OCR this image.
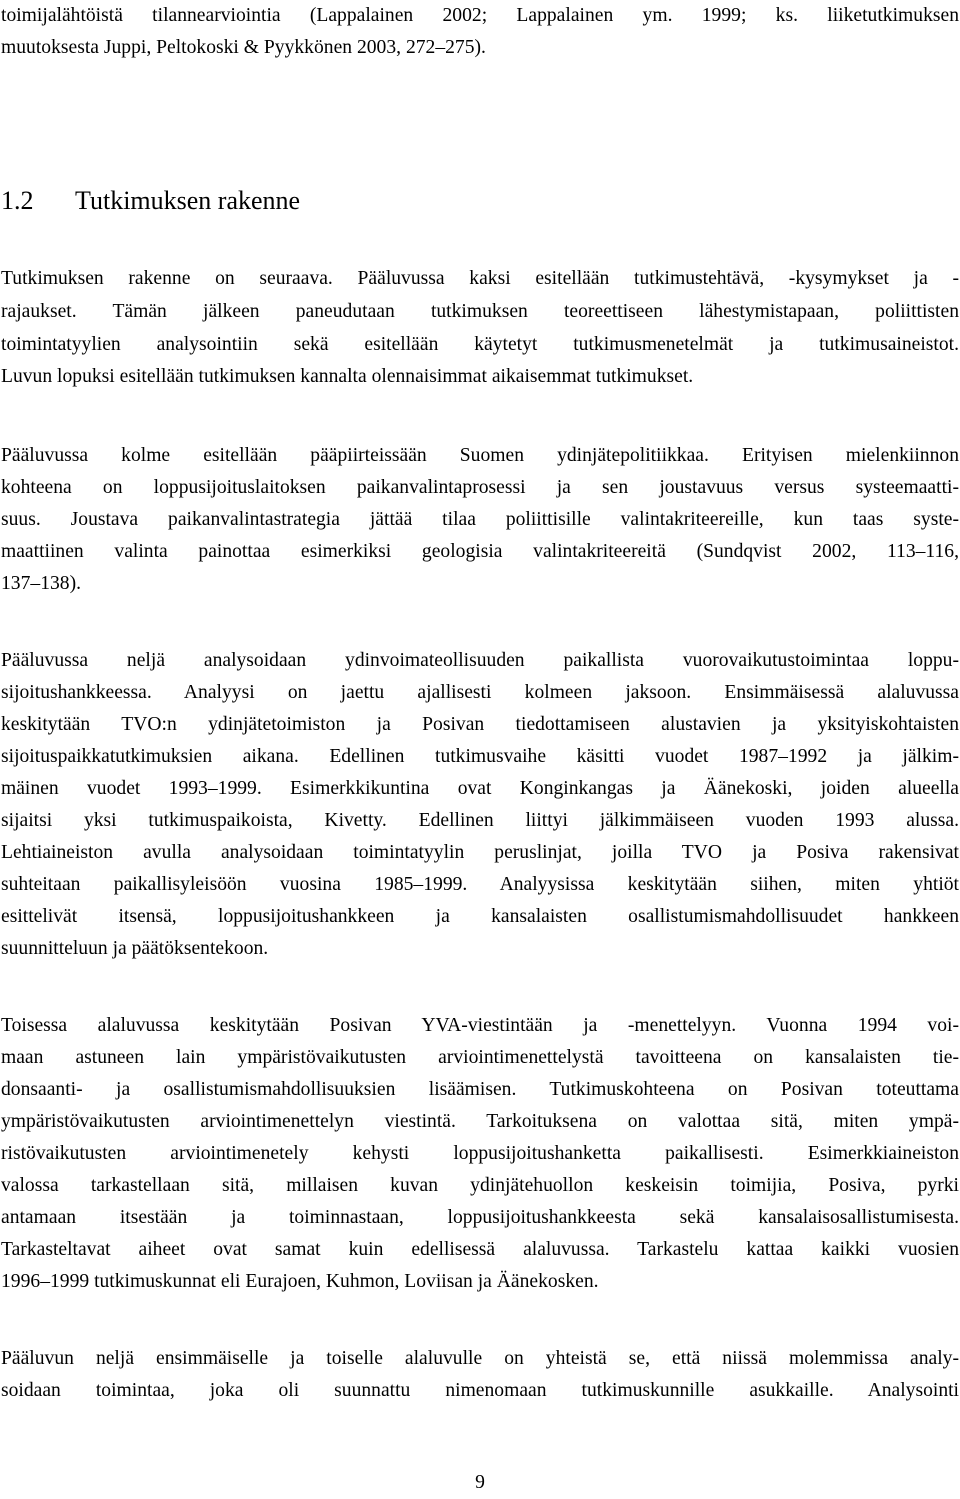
toimijalähtöistä tilannearviointia (Lappalainen 2002; Lappalainen ym. 1999; ks. liiketutkimuksen

muutoksesta Juppi, Peltokoski & Pyykkönen 2003, 272–275).

1.2 Tutkimuksen rakenne

Tutkimuksen rakenne on seuraava. Pääluvussa kaksi esitellään tutkimustehtävä, -kysymykset ja -

rajaukset. Tämän jälkeen paneudutaan tutkimuksen teoreettiseen lähestymistapaan, poliittisten

toimintatyylien analysointiin sekä esitellään käytetyt tutkimusmenetelmät ja tutkimusaineistot.

Luvun lopuksi esitellään tutkimuksen kannalta olennaisimmat aikaisemmat tutkimukset.

Pääluvussa kolme esitellään pääpiirteissään Suomen ydinjätepolitiikkaa. Erityisen mielenkiinnon

kohteena on loppusijoituslaitoksen paikanvalintaprosessi ja sen joustavuus versus systeemaatti-

suus. Joustava paikanvalintastrategia jättää tilaa poliittisille valintakriteereille, kun taas syste-

maattiinen valinta painottaa esimerkiksi geologisia valintakriteereitä (Sundqvist 2002, 113–116,

137–138).

Pääluvussa neljä analysoidaan ydinvoimateollisuuden paikallista vuorovaikutustoimintaa loppu-

sijoitushankkeessa. Analyysi on jaettu ajallisesti kolmeen jaksoon. Ensimmäisessä alaluvussa

keskitytään TVO:n ydinjätetoimiston ja Posivan tiedottamiseen alustavien ja yksityiskohtaisten

sijoituspaikkatutkimuksien aikana. Edellinen tutkimusvaihe käsitti vuodet 1987–1992 ja jälkim-

mäinen vuodet 1993–1999. Esimerkkikuntina ovat Konginkangas ja Äänekoski, joiden alueella

sijaitsi yksi tutkimuspaikoista, Kivetty. Edellinen liittyi jälkimmäiseen vuoden 1993 alussa.

Lehtiaineiston avulla analysoidaan toimintatyylin peruslinjat, joilla TVO ja Posiva rakensivat

suhteitaan paikallisyleisöön vuosina 1985–1999. Analyysissa keskitytään siihen, miten yhtiöt

esittelivät itsensä, loppusijoitushankkeen ja kansalaisten osallistumismahdollisuudet hankkeen

suunnitteluun ja päätöksentekoon.

Toisessa alaluvussa keskitytään Posivan YVA-viestintään ja -menettelyyn. Vuonna 1994 voi-

maan astuneen lain ympäristövaikutusten arviointimenettelystä tavoitteena on kansalaisten tie-

donsaanti- ja osallistumismahdollisuuksien lisäämisen. Tutkimuskohteena on Posivan toteuttama

ympäristövaikutusten arviointimenettelyn viestintä. Tarkoituksena on valottaa sitä, miten ympä-

ristövaikutusten arviointimenetely kehysti loppusijoitushanketta paikallisesti. Esimerkkiaineiston

valossa tarkastellaan sitä, millaisen kuvan ydinjätehuollon keskeisin toimijia, Posiva, pyrki

antamaan itsestään ja toiminnastaan, loppusijoitushankkeesta sekä kansalaisosallistumisesta.

Tarkasteltavat aiheet ovat samat kuin edellisessä alaluvussa. Tarkastelu kattaa kaikki vuosien

1996–1999 tutkimuskunnat eli Eurajoen, Kuhmon, Loviisan ja Äänekosken.

Pääluvun neljä ensimmäiselle ja toiselle alaluvulle on yhteistä se, että niissä molemmissa analy-

soidaan toimintaa, joka oli suunnattu nimenomaan tutkimuskunnille asukkaille. Analysointi

9
